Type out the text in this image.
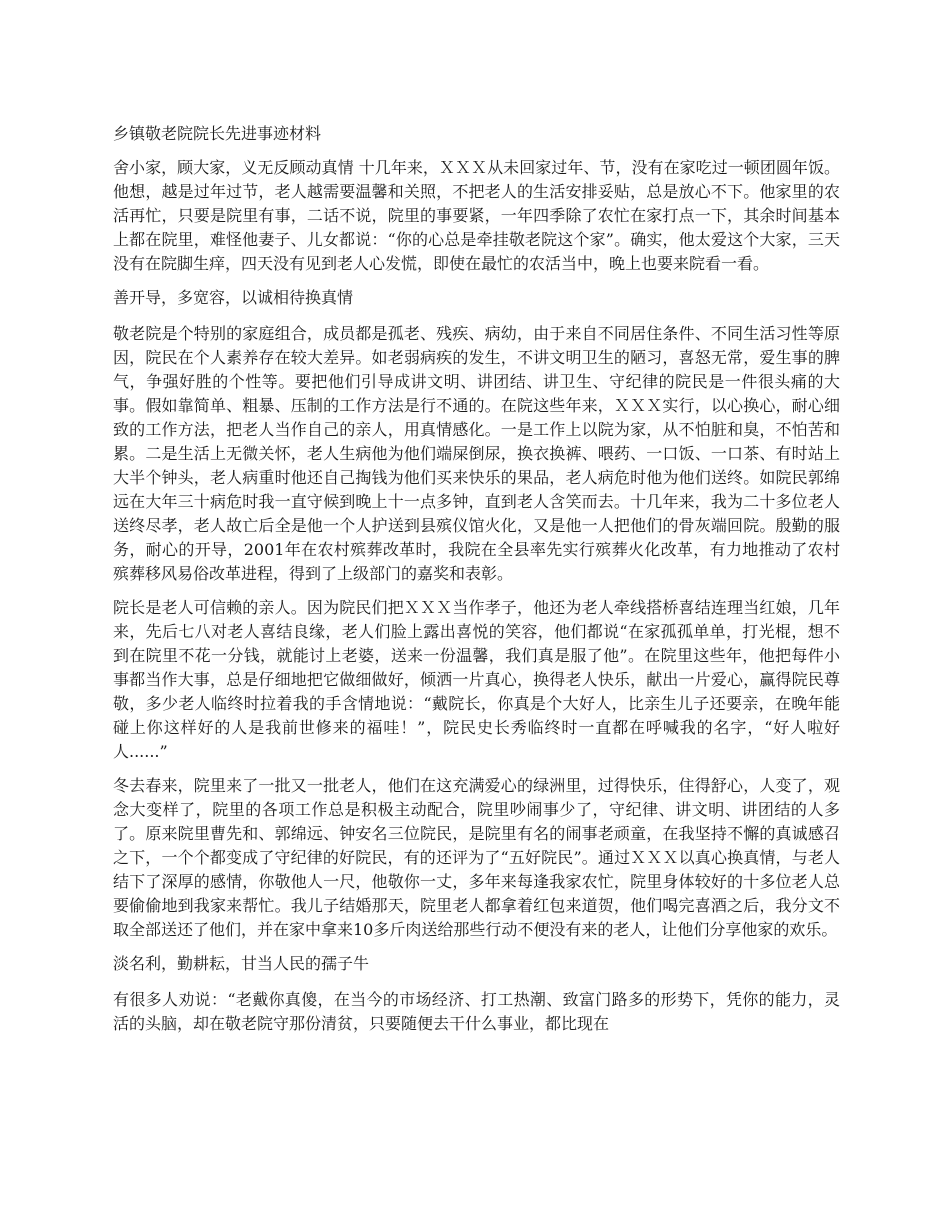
乡镇敬老院院长先进事迹材料
舍小家，顾大家，义无反顾动真情 十几年来，ＸＸＸ从未回家过年、节，没有在家吃过一顿团圆年饭。他想，越是过年过节，老人越需要温馨和关照，不把老人的生活安排妥贴，总是放心不下。他家里的农活再忙，只要是院里有事，二话不说，院里的事要紧，一年四季除了农忙在家打点一下，其余时间基本上都在院里，难怪他妻子、儿女都说：“你的心总是牵挂敬老院这个家”。确实，他太爱这个大家，三天没有在院脚生痒，四天没有见到老人心发慌，即使在最忙的农活当中，晚上也要来院看一看。
善开导，多宽容，以诚相待换真情
敬老院是个特别的家庭组合，成员都是孤老、残疾、病幼，由于来自不同居住条件、不同生活习性等原因，院民在个人素养存在较大差异。如老弱病疾的发生，不讲文明卫生的陋习，喜怒无常，爱生事的脾气，争强好胜的个性等。要把他们引导成讲文明、讲团结、讲卫生、守纪律的院民是一件很头痛的大事。假如靠简单、粗暴、压制的工作方法是行不通的。在院这些年来，ＸＸＸ实行，以心换心，耐心细致的工作方法，把老人当作自己的亲人，用真情感化。一是工作上以院为家，从不怕脏和臭，不怕苦和累。二是生活上无微关怀，老人生病他为他们端屎倒尿，换衣换裤、喂药、一口饭、一口茶、有时站上大半个钟头，老人病重时他还自己掏钱为他们买来快乐的果品，老人病危时他为他们送终。如院民郭绵远在大年三十病危时我一直守候到晚上十一点多钟，直到老人含笑而去。十几年来，我为二十多位老人送终尽孝，老人故亡后全是他一个人护送到县殡仪馆火化，又是他一人把他们的骨灰端回院。殷勤的服务，耐心的开导，2001年在农村殡葬改革时，我院在全县率先实行殡葬火化改革，有力地推动了农村殡葬移风易俗改革进程，得到了上级部门的嘉奖和表彰。
院长是老人可信赖的亲人。因为院民们把ＸＸＸ当作孝子，他还为老人牵线搭桥喜结连理当红娘，几年来，先后七八对老人喜结良缘，老人们脸上露出喜悦的笑容，他们都说“在家孤孤单单，打光棍，想不到在院里不花一分钱，就能讨上老婆，送来一份温馨，我们真是服了他”。在院里这些年，他把每件小事都当作大事，总是仔细地把它做细做好，倾洒一片真心，换得老人快乐，献出一片爱心，赢得院民尊敬，多少老人临终时拉着我的手含情地说：“戴院长，你真是个大好人，比亲生儿子还要亲，在晚年能碰上你这样好的人是我前世修来的福哇！”，院民史长秀临终时一直都在呼喊我的名字，“好人啦好人......”
冬去春来，院里来了一批又一批老人，他们在这充满爱心的绿洲里，过得快乐，住得舒心，人变了，观念大变样了，院里的各项工作总是积极主动配合，院里吵闹事少了，守纪律、讲文明、讲团结的人多了。原来院里曹先和、郭绵远、钟安名三位院民，是院里有名的闹事老顽童，在我坚持不懈的真诚感召之下，一个个都变成了守纪律的好院民，有的还评为了“五好院民”。通过ＸＸＸ以真心换真情，与老人结下了深厚的感情，你敬他人一尺，他敬你一丈，多年来每逢我家农忙，院里身体较好的十多位老人总要偷偷地到我家来帮忙。我儿子结婚那天，院里老人都拿着红包来道贺，他们喝完喜酒之后，我分文不取全部送还了他们，并在家中拿来10多斤肉送给那些行动不便没有来的老人，让他们分享他家的欢乐。
淡名利，勤耕耘，甘当人民的孺子牛
有很多人劝说：“老戴你真傻，在当今的市场经济、打工热潮、致富门路多的形势下，凭你的能力，灵活的头脑，却在敬老院守那份清贫，只要随便去干什么事业，都比现在
